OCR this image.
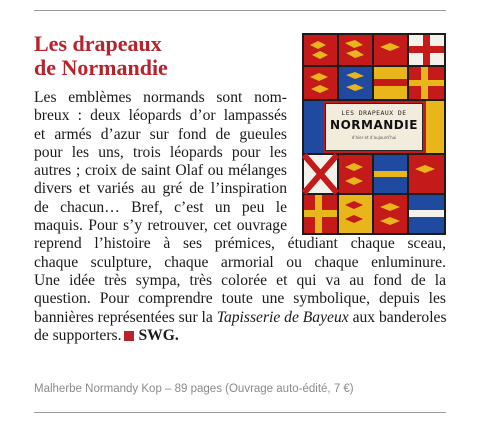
Les drapeaux
de Normandie
LES DRAPEAUX DE
NORMANDIE
d’hier et d’aujourd’hui

Les emblèmes normands sont nom-
breux : deux léopards d’or lampassés
et armés d’azur sur fond de gueules
pour les uns, trois léopards pour les
autres ; croix de saint Olaf ou mélanges
divers et variés au gré de l’inspiration
de chacun… Bref, c’est un peu le
maquis. Pour s’y retrouver, cet ouvrage
reprend l’histoire à ses prémices, étudiant chaque sceau,
chaque sculpture, chaque armorial ou chaque enluminure.
Une idée très sympa, très colorée et qui va au fond de la
question. Pour comprendre toute une symbolique, depuis les
bannières représentées sur la Tapisserie de Bayeux aux banderoles
de supporters. SWG.

Malherbe Normandy Kop – 89 pages (Ouvrage auto-édité, 7 €)
